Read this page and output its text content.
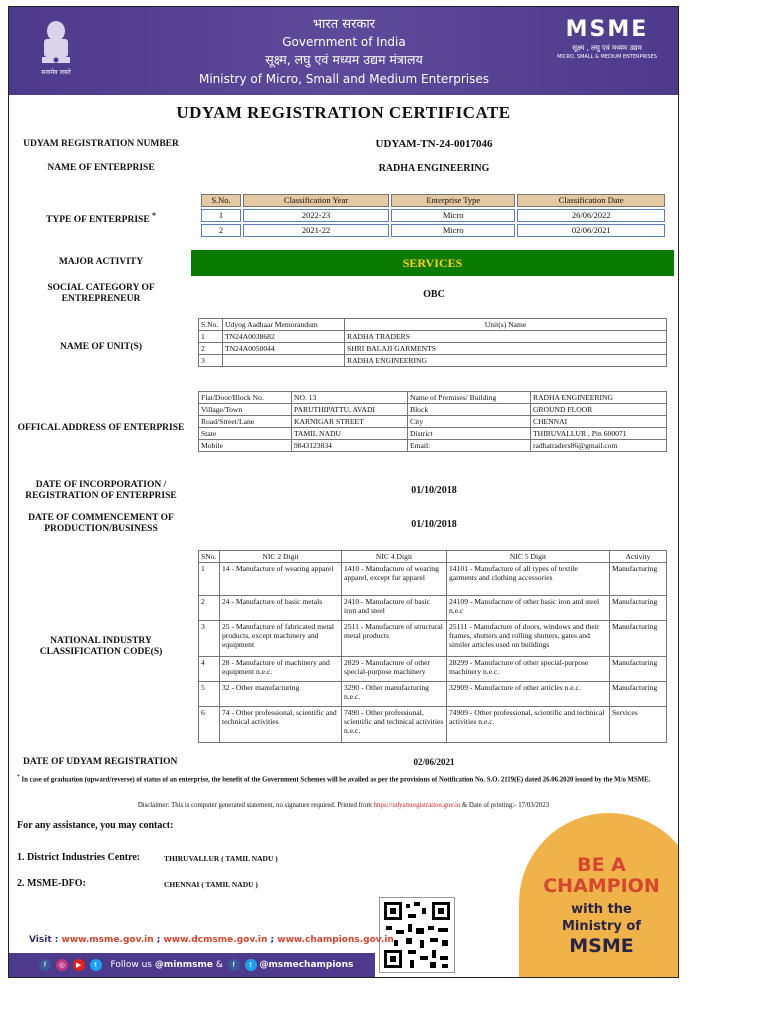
सत्यमेव जयते
भारत सरकार
Government of India
सूक्ष्म, लघु एवं मध्यम उद्यम मंत्रालय
Ministry of Micro, Small and Medium Enterprises
MSME
सूक्ष्म , लघु एवं मध्यम उद्यम
MICRO, SMALL & MEDIUM ENTERPRISES
UDYAM REGISTRATION CERTIFICATE
UDYAM REGISTRATION NUMBER	UDYAM-TN-24-0017046
NAME OF ENTERPRISE	RADHA ENGINEERING
TYPE OF ENTERPRISE *
S.No.	Classification Year	Enterprise Type	Classification Date
1	2022-23	Micro	26/06/2022
2	2021-22	Micro	02/06/2021
MAJOR ACTIVITY	SERVICES
SOCIAL CATEGORY OF ENTREPRENEUR	OBC
NAME OF UNIT(S)
S.No.	Udyog Aadhaar Memorandum	Unit(s) Name
1	TN24A0038682	RADHA TRADERS
2	TN24A0050044	SHRI BALAJI GARMENTS
3		RADHA ENGINEERING
OFFICAL ADDRESS OF ENTERPRISE
Flat/Door/Block No.	NO. 13	Name of Premises/ Building	RADHA ENGINEERING
Village/Town	PARUTHIPATTU, AVADI	Block	GROUND FLOOR
Road/Street/Lane	KARNIGAR STREET	City	CHENNAI
State	TAMIL NADU	District	THIRUVALLUR , Pin 600071
Mobile	9843123834	Email:	radhatraders86@gmail.com
DATE OF INCORPORATION / REGISTRATION OF ENTERPRISE	01/10/2018
DATE OF COMMENCEMENT OF PRODUCTION/BUSINESS	01/10/2018
NATIONAL INDUSTRY CLASSIFICATION CODE(S)
SNo.	NIC 2 Digit	NIC 4 Digit	NIC 5 Digit	Activity
1	14 - Manufacture of wearing apparel	1410 - Manufacture of wearing apparel, except fur apparel	14101 - Manufacture of all types of textile garments and clothing accessories	Manufacturing
2	24 - Manufacture of basic metals	2410 - Manufacture of basic iron and steel	24109 - Manufacture of other basic iron and steel n.e.c	Manufacturing
3	25 - Manufacture of fabricated metal products, except machinery and equipment	2511 - Manufacture of structural metal products	25111 - Manufacture of doors, windows and their frames, shutters and rolling shutters, gates and similer articles used on buildings	Manufacturing
4	28 - Manufacture of machinery and equipment n.e.c.	2829 - Manufacture of other special-purpose machinery	28299 - Manufacture of other special-purpose machinery n.e.c.	Manufacturing
5	32 - Other manufacturing	3290 - Other manufacturing n.e.c.	32909 - Manufacture of other articles n.e.c.	Manufacturing
6	74 - Other professional, scientific and technical activities	7490 - Other professional, scientific and technical activities n.e.c.	74909 - Other professional, scientific and technical activities n.e.c.	Services
DATE OF UDYAM REGISTRATION	02/06/2021
* In case of graduation (upward/reverse) of status of an enterprise, the benefit of the Government Schemes will be availed as per the provisions of Notification No. S.O. 2119(E) dated 26.06.2020 issued by the M/o MSME.
Disclaimer: This is computer generated statement, no signature required. Printed from https://udyamregistration.gov.in & Date of printing:- 17/03/2023
For any assistance, you may contact:
1. District Industries Centre:	THIRUVALLUR ( TAMIL NADU )
2. MSME-DFO:	CHENNAI ( TAMIL NADU )
BE A
CHAMPION
with the
Ministry of
MSME
Visit : www.msme.gov.in ; www.dcmsme.gov.in ; www.champions.gov.in
f ◎ ▶ t Follow us @minmsme & f t @msmechampions
